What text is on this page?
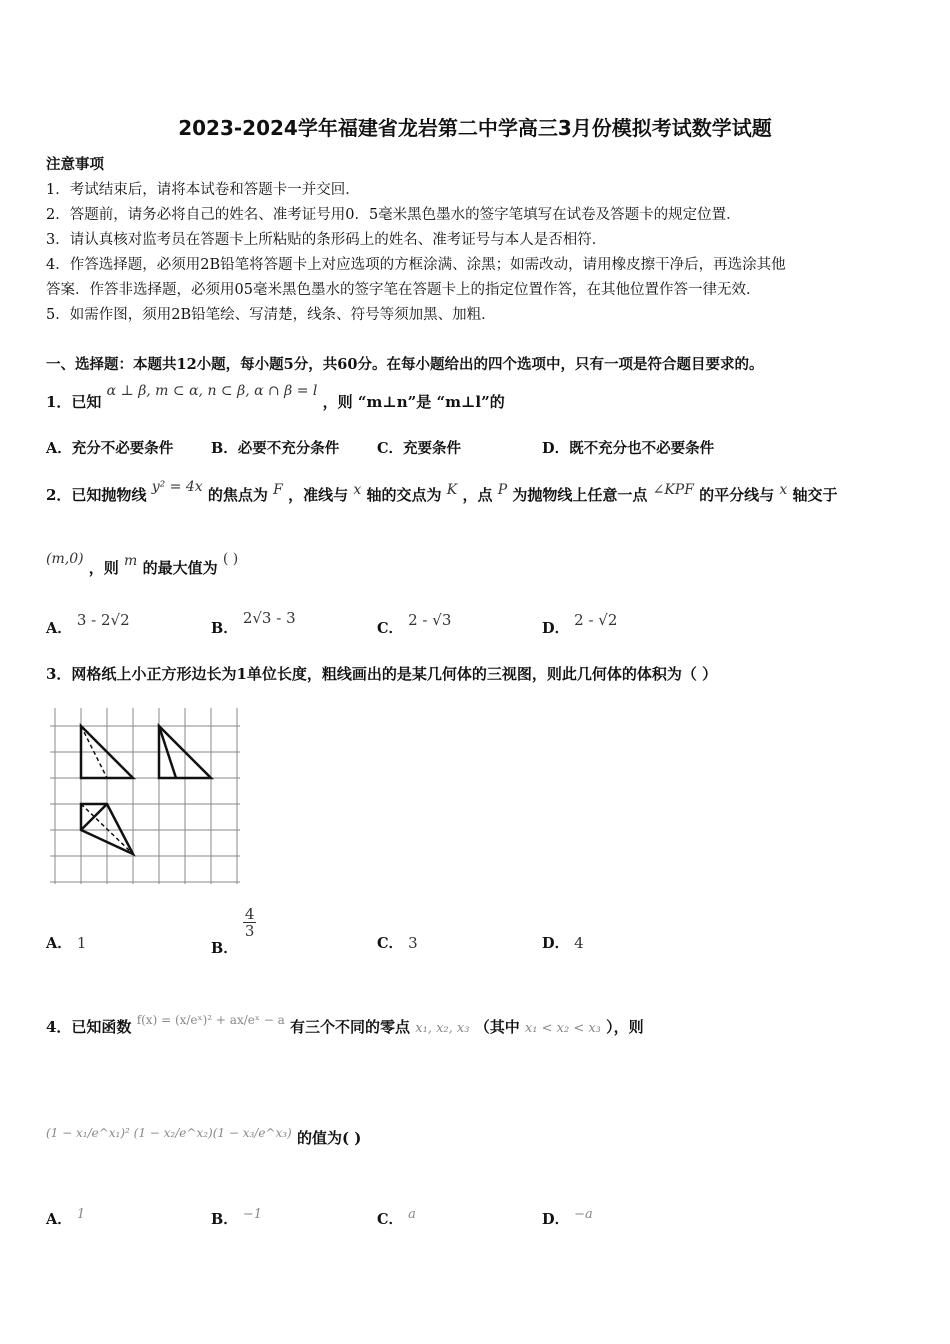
2023-2024学年福建省龙岩第二中学高三3月份模拟考试数学试题
注意事项
1．考试结束后，请将本试卷和答题卡一并交回．
2．答题前，请务必将自己的姓名、准考证号用0．5毫米黑色墨水的签字笔填写在试卷及答题卡的规定位置．
3．请认真核对监考员在答题卡上所粘贴的条形码上的姓名、准考证号与本人是否相符．
4．作答选择题，必须用2B铅笔将答题卡上对应选项的方框涂满、涂黑；如需改动，请用橡皮擦干净后，再选涂其他
答案．作答非选择题，必须用05毫米黑色墨水的签字笔在答题卡上的指定位置作答，在其他位置作答一律无效．
5．如需作图，须用2B铅笔绘、写清楚，线条、符号等须加黑、加粗．
一、选择题：本题共12小题，每小题5分，共60分。在每小题给出的四个选项中，只有一项是符合题目要求的。
1．已知 α ⊥ β, m ⊂ α, n ⊂ β, α ∩ β = l ，则 “m⊥n”是 “m⊥l”的
A．充分不必要条件	B．必要不充分条件	C．充要条件	D．既不充分也不必要条件
2．已知抛物线 y² = 4x 的焦点为 F ，准线与 x 轴的交点为 K ，点 P 为抛物线上任意一点 ∠KPF 的平分线与 x 轴交于
(m,0) ，则 m 的最大值为 ( )
A． 3 - 2√2	B． 2√3 - 3
C． 2 - √3	D． 2 - √2
3．网格纸上小正方形边长为1单位长度，粗线画出的是某几何体的三视图，则此几何体的体积为（ ）
A． 1	B．
$\frac{4}{3}$
C． 3	D． 4
4．已知函数 $^{f(x) = (x/eˣ)^2 + ax/eˣ - a}$ 有三个不同的零点 x₁, x₂, x₃ （其中 x₁ < x₂ < x₃ ），则
$^{(1 - x_1/e\^{}x_1)^2 (1 - x_2/e\^{}x_2)(1 - x_3/e\^{}x_3)}$ 的值为( )
A． 1	B． −1	C． a	D． −a
